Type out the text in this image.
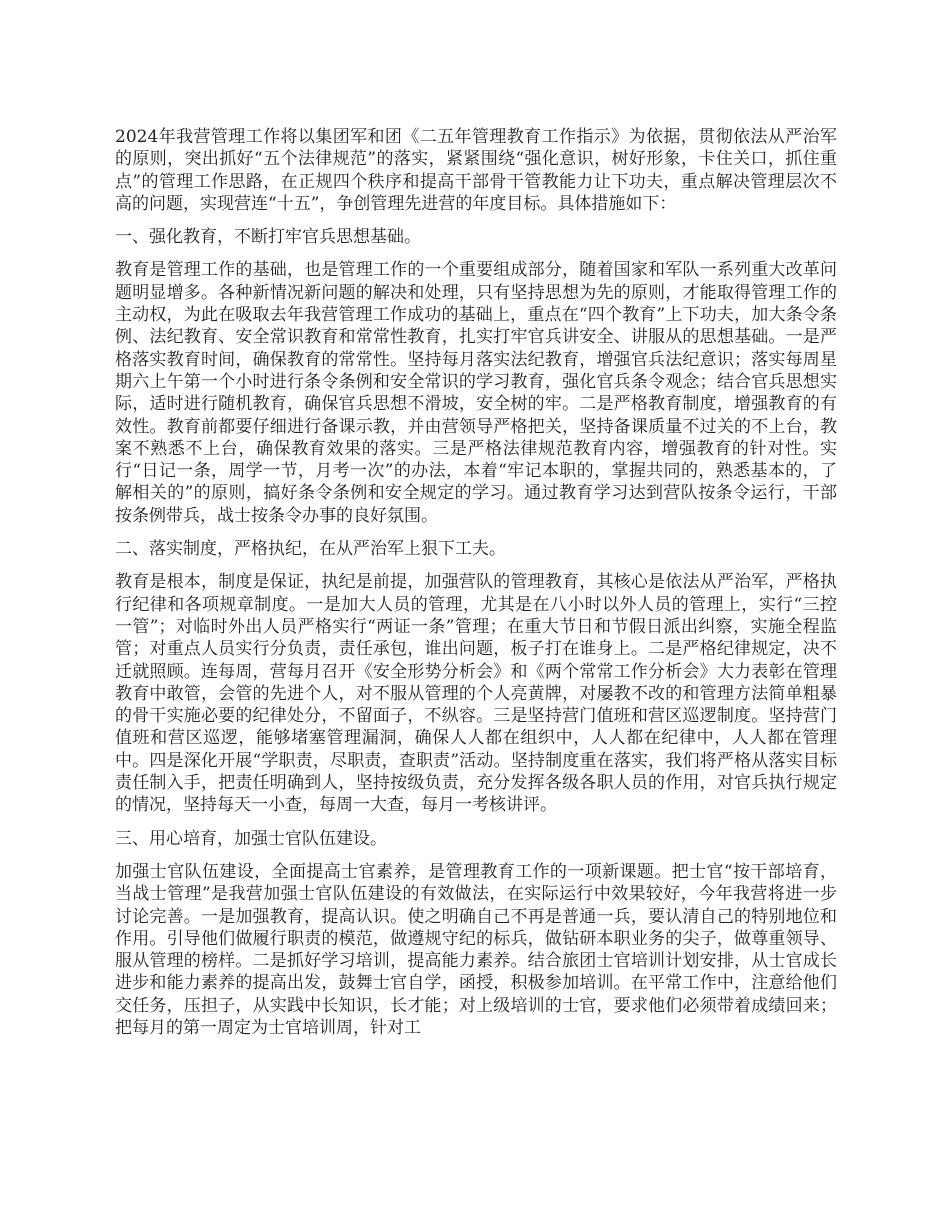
2024年我营管理工作将以集团军和团《二五年管理教育工作指示》为依据，贯彻依法从严治军的原则，突出抓好“五个法律规范”的落实，紧紧围绕“强化意识，树好形象，卡住关口，抓住重点”的管理工作思路，在正规四个秩序和提高干部骨干管教能力让下功夫，重点解决管理层次不高的问题，实现营连“十五”，争创管理先进营的年度目标。具体措施如下：

一、强化教育，不断打牢官兵思想基础。

教育是管理工作的基础，也是管理工作的一个重要组成部分，随着国家和军队一系列重大改革问题明显增多。各种新情况新问题的解决和处理，只有坚持思想为先的原则，才能取得管理工作的主动权，为此在吸取去年我营管理工作成功的基础上，重点在“四个教育”上下功夫，加大条令条例、法纪教育、安全常识教育和常常性教育，扎实打牢官兵讲安全、讲服从的思想基础。一是严格落实教育时间，确保教育的常常性。坚持每月落实法纪教育，增强官兵法纪意识；落实每周星期六上午第一个小时进行条令条例和安全常识的学习教育，强化官兵条令观念；结合官兵思想实际，适时进行随机教育，确保官兵思想不滑坡，安全树的牢。二是严格教育制度，增强教育的有效性。教育前都要仔细进行备课示教，并由营领导严格把关，坚持备课质量不过关的不上台，教案不熟悉不上台，确保教育效果的落实。三是严格法律规范教育内容，增强教育的针对性。实行“日记一条，周学一节，月考一次”的办法，本着“牢记本职的，掌握共同的，熟悉基本的，了解相关的”的原则，搞好条令条例和安全规定的学习。通过教育学习达到营队按条令运行，干部按条例带兵，战士按条令办事的良好氛围。

二、落实制度，严格执纪，在从严治军上狠下工夫。

教育是根本，制度是保证，执纪是前提，加强营队的管理教育，其核心是依法从严治军，严格执行纪律和各项规章制度。一是加大人员的管理，尤其是在八小时以外人员的管理上，实行“三控一管”；对临时外出人员严格实行“两证一条”管理；在重大节日和节假日派出纠察，实施全程监管；对重点人员实行分负责，责任承包，谁出问题，板子打在谁身上。二是严格纪律规定，决不迁就照顾。连每周，营每月召开《安全形势分析会》和《两个常常工作分析会》大力表彰在管理教育中敢管，会管的先进个人，对不服从管理的个人亮黄牌，对屡教不改的和管理方法简单粗暴的骨干实施必要的纪律处分，不留面子，不纵容。三是坚持营门值班和营区巡逻制度。坚持营门值班和营区巡逻，能够堵塞管理漏洞，确保人人都在组织中，人人都在纪律中，人人都在管理中。四是深化开展“学职责，尽职责，查职责”活动。坚持制度重在落实，我们将严格从落实目标责任制入手，把责任明确到人，坚持按级负责，充分发挥各级各职人员的作用，对官兵执行规定的情况，坚持每天一小查，每周一大查，每月一考核讲评。

三、用心培育，加强士官队伍建设。

加强士官队伍建设，全面提高士官素养，是管理教育工作的一项新课题。把士官“按干部培育，当战士管理”是我营加强士官队伍建设的有效做法，在实际运行中效果较好，今年我营将进一步讨论完善。一是加强教育，提高认识。使之明确自己不再是普通一兵，要认清自己的特别地位和作用。引导他们做履行职责的模范，做遵规守纪的标兵，做钻研本职业务的尖子，做尊重领导、服从管理的榜样。二是抓好学习培训，提高能力素养。结合旅团士官培训计划安排，从士官成长进步和能力素养的提高出发，鼓舞士官自学，函授，积极参加培训。在平常工作中，注意给他们交任务，压担子，从实践中长知识，长才能；对上级培训的士官，要求他们必须带着成绩回来；把每月的第一周定为士官培训周，针对工
